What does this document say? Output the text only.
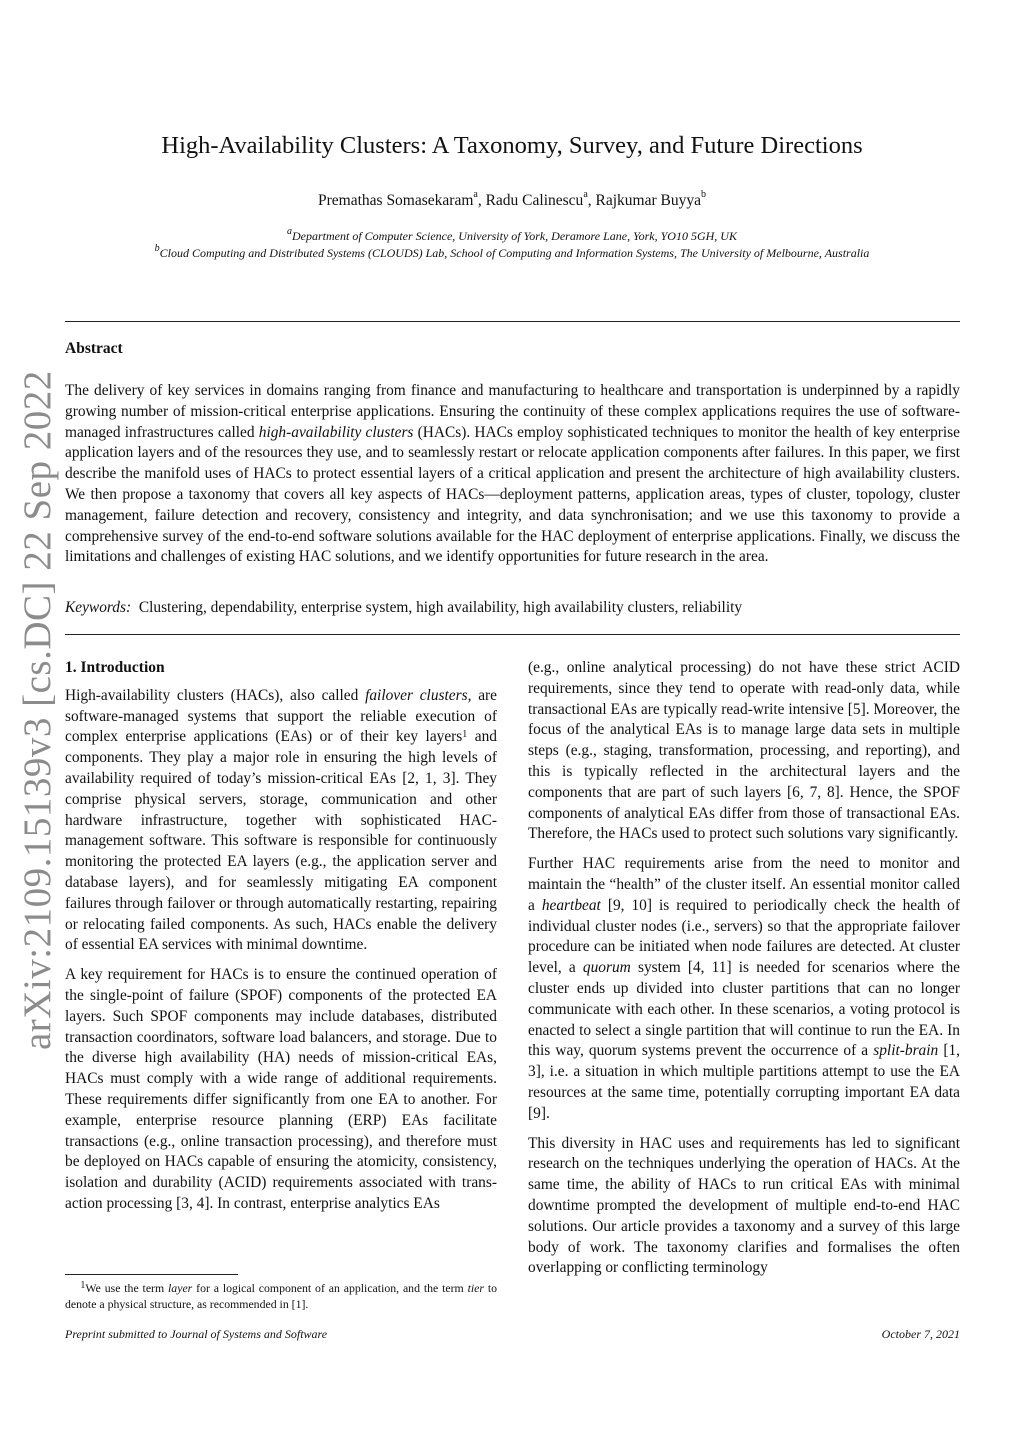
arXiv:2109.15139v3 [cs.DC] 22 Sep 2022
High-Availability Clusters: A Taxonomy, Survey, and Future Directions
Premathas Somasekaram$^a$, Radu Calinescu$^a$, Rajkumar Buyya$^b$
$^a$Department of Computer Science, University of York, Deramore Lane, York, YO10 5GH, UK
$^b$Cloud Computing and Distributed Systems (CLOUDS) Lab, School of Computing and Information Systems, The University of Melbourne, Australia
Abstract
The delivery of key services in domains ranging from finance and manufacturing to healthcare and transportation is underpinned by a rapidly growing number of mission-critical enterprise applications. Ensuring the continuity of these complex applications requires the use of software-managed infrastructures called high-availability clusters (HACs). HACs employ sophisticated techniques to monitor the health of key enterprise application layers and of the resources they use, and to seamlessly restart or relocate application components after failures. In this paper, we first describe the manifold uses of HACs to protect essential layers of a critical application and present the architecture of high availability clusters. We then propose a taxonomy that covers all key aspects of HACs—deployment patterns, application areas, types of cluster, topology, cluster management, failure detection and recovery, consistency and integrity, and data synchronisation; and we use this taxonomy to provide a comprehensive survey of the end-to-end software solutions available for the HAC deployment of enterprise applications. Finally, we discuss the limitations and challenges of existing HAC solutions, and we identify opportunities for future research in the area.
Keywords: Clustering, dependability, enterprise system, high availability, high availability clusters, reliability
1. Introduction

High-availability clusters (HACs), also called failover clusters, are software-managed systems that support the reliable execution of complex enterprise applications (EAs) or of their key layers$^1$ and components. They play a major role in ensuring the high levels of availability required of today’s mission-critical EAs [2, 1, 3]. They comprise physical servers, storage, communication and other hardware infrastructure, together with sophisticated HAC-management software. This software is responsible for continuously monitoring the protected EA layers (e.g., the application server and database layers), and for seamlessly mitigating EA component failures through failover or through automatically restarting, repairing or relocating failed components. As such, HACs enable the delivery of essential EA services with minimal downtime.

A key requirement for HACs is to ensure the continued operation of the single-point of failure (SPOF) components of the protected EA layers. Such SPOF components may include databases, distributed transaction coordinators, software load balancers, and storage. Due to the diverse high availability (HA) needs of mission-critical EAs, HACs must comply with a wide range of additional requirements. These requirements differ significantly from one EA to another. For example, enterprise resource planning (ERP) EAs facilitate transactions (e.g., online transaction processing), and therefore must be deployed on HACs capable of ensuring the atomicity, consistency, isolation and durability (ACID) requirements associated with transaction processing [3, 4]. In contrast, enterprise analytics EAs

(e.g., online analytical processing) do not have these strict ACID requirements, since they tend to operate with read-only data, while transactional EAs are typically read-write intensive [5]. Moreover, the focus of the analytical EAs is to manage large data sets in multiple steps (e.g., staging, transformation, processing, and reporting), and this is typically reflected in the architectural layers and the components that are part of such layers [6, 7, 8]. Hence, the SPOF components of analytical EAs differ from those of transactional EAs. Therefore, the HACs used to protect such solutions vary significantly.

Further HAC requirements arise from the need to monitor and maintain the “health” of the cluster itself. An essential monitor called a heartbeat [9, 10] is required to periodically check the health of individual cluster nodes (i.e., servers) so that the appropriate failover procedure can be initiated when node failures are detected. At cluster level, a quorum system [4, 11] is needed for scenarios where the cluster ends up divided into cluster partitions that can no longer communicate with each other. In these scenarios, a voting protocol is enacted to select a single partition that will continue to run the EA. In this way, quorum systems prevent the occurrence of a split-brain [1, 3], i.e. a situation in which multiple partitions attempt to use the EA resources at the same time, potentially corrupting important EA data [9].

This diversity in HAC uses and requirements has led to significant research on the techniques underlying the operation of HACs. At the same time, the ability of HACs to run critical EAs with minimal downtime prompted the development of multiple end-to-end HAC solutions. Our article provides a taxonomy and a survey of this large body of work. The taxonomy clarifies and formalises the often overlapping or conflicting terminology

$^1$We use the term layer for a logical component of an application, and the term tier to denote a physical structure, as recommended in [1].
Preprint submitted to Journal of Systems and Software	October 7, 2021
